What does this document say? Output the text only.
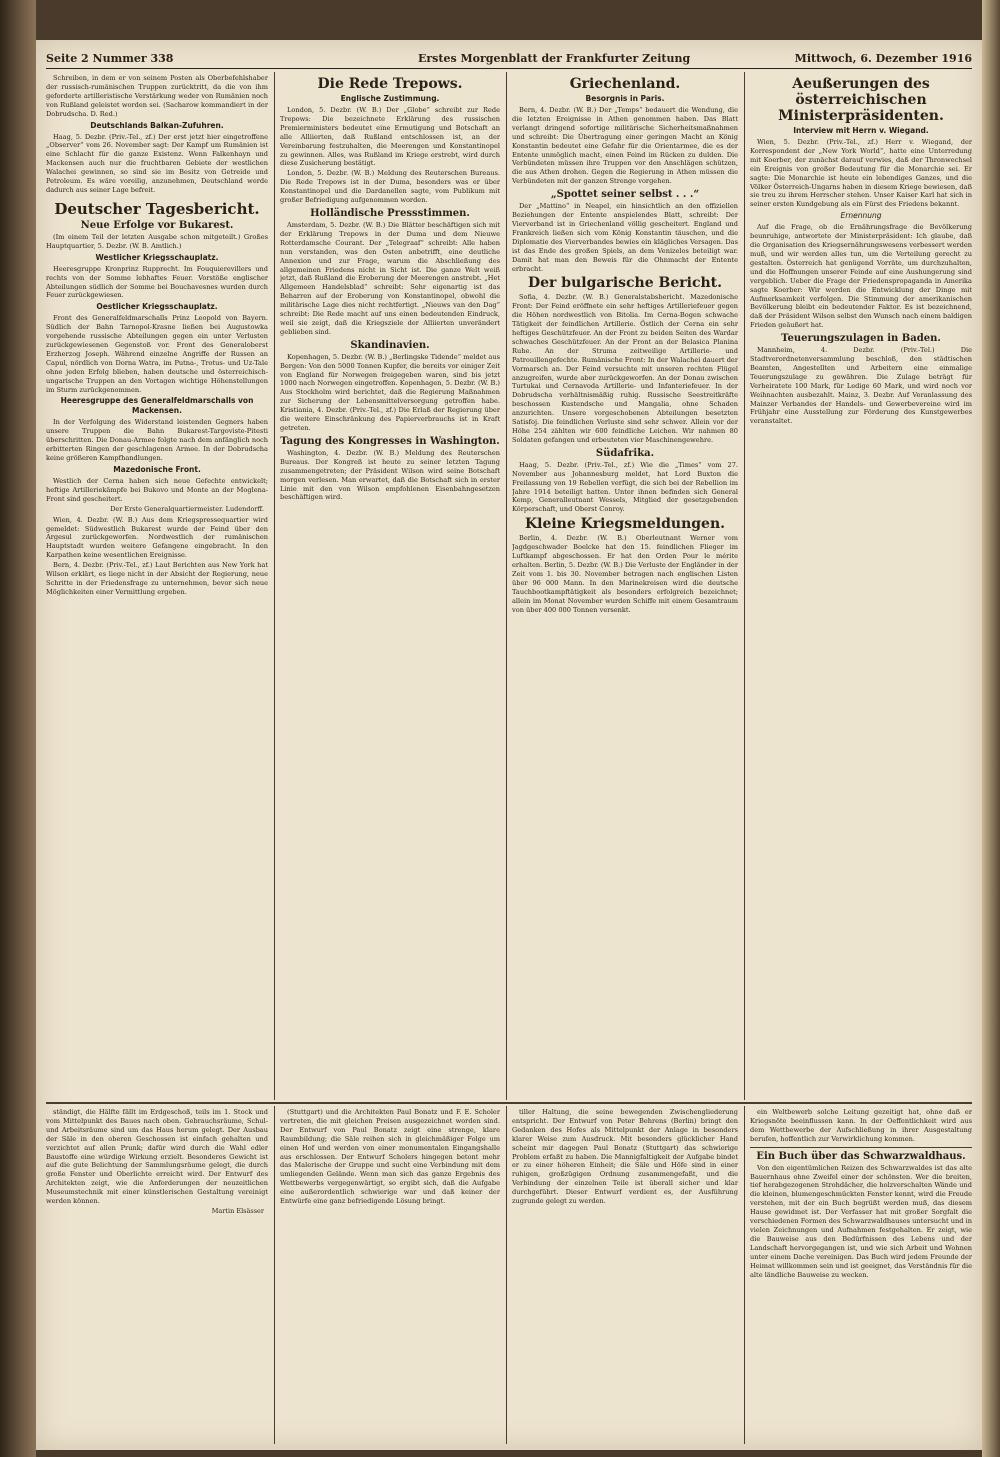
Seite 2 Nummer 338	Erstes Morgenblatt der Frankfurter Zeitung	Mittwoch, 6. Dezember 1916

Schreiben, in dem er von seinem Posten als Oberbefehlshaber der russisch-rumänischen Truppen zurücktritt, da die von ihm geforderte artilleristische Verstärkung weder von Rumänien noch von Rußland geleistet worden sei. (Sacharow kommandiert in der Dobrudscha. D. Red.)

Deutschlands Balkan-Zufuhren.

Haag, 5. Dezbr. (Priv.-Tel., zf.) Der erst jetzt hier eingetroffene „Observer“ vom 26. November sagt: Der Kampf um Rumänien ist eine Schlacht für die ganze Existenz. Wenn Falkenhayn und Mackensen auch nur die fruchtbaren Gebiete der westlichen Walachei gewinnen, so sind sie im Besitz von Getreide und Petroleum. Es wäre voreilig, anzunehmen, Deutschland werde dadurch aus seiner Lage befreit.

Deutscher Tagesbericht.
Neue Erfolge vor Bukarest.

(Im einem Teil der letzten Ausgabe schon mitgeteilt.) Großes Hauptquartier, 5. Dezbr. (W. B. Amtlich.)

Westlicher Kriegsschauplatz.

Heeresgruppe Kronprinz Rupprecht. Im Fouquierevillers und rechts von der Somme lebhaftes Feuer. Vorstöße englischer Abteilungen südlich der Somme bei Bouchavesnes wurden durch Feuer zurückgewiesen.

Oestlicher Kriegsschauplatz.

Front des Generalfeldmarschalls Prinz Leopold von Bayern. Südlich der Bahn Tarnopol-Krasne ließen bei Augustowka vorgehende russische Abteilungen gegen ein unter Verlusten zurückgewiesenen Gegenstoß vor. Front des Generaloberst Erzherzog Joseph. Während einzelne Angriffe der Russen an Capul, nördlich von Dorna Watra, im Putna-, Trotus- und Uz-Tale ohne jeden Erfolg blieben, haben deutsche und österreichisch-ungarische Truppen an den Vortagen wichtige Höhenstellungen im Sturm zurückgenommen.

Heeresgruppe des Generalfeldmarschalls von Mackensen.

In der Verfolgung des Widerstand leistenden Gegners haben unsere Truppen die Bahn Bukarest-Targoviste-Pitesti überschritten. Die Donau-Armee folgte nach dem anfänglich noch erbitterten Ringen der geschlagenen Armee. In der Dobrudscha keine größeren Kampfhandlungen.

Mazedonische Front.

Westlich der Cerna haben sich neue Gefechte entwickelt; heftige Artilleriekämpfe bei Bukovo und Monte an der Moglena-Front sind gescheitert.

Der Erste Generalquartiermeister. Ludendorff.

Wien, 4. Dezbr. (W. B.) Aus dem Kriegspressequartier wird gemeldet: Südwestlich Bukarest wurde der Feind über den Argesul zurückgeworfen. Nordwestlich der rumänischen Hauptstadt wurden weitere Gefangene eingebracht. In den Karpathen keine wesentlichen Ereignisse.

Bern, 4. Dezbr. (Priv.-Tel., zf.) Laut Berichten aus New York hat Wilson erklärt, es liege nicht in der Absicht der Regierung, neue Schritte in der Friedensfrage zu unternehmen, bevor sich neue Möglichkeiten einer Vermittlung ergeben.

Die Rede Trepows.
Englische Zustimmung.

London, 5. Dezbr. (W. B.) Der „Globe“ schreibt zur Rede Trepows: Die bezeichnete Erklärung des russischen Premierministers bedeutet eine Ermutigung und Botschaft an alle Alliierten, daß Rußland entschlossen ist, an der Vereinbarung festzuhalten, die Meerengen und Konstantinopel zu gewinnen. Alles, was Rußland im Kriege erstrebt, wird durch diese Zusicherung bestätigt.

London, 5. Dezbr. (W. B.) Meldung des Reuterschen Bureaus. Die Rede Trepows ist in der Duma, besonders was er über Konstantinopel und die Dardanellen sagte, vom Publikum mit großer Befriedigung aufgenommen worden.

Holländische Pressstimmen.

Amsterdam, 5. Dezbr. (W. B.) Die Blätter beschäftigen sich mit der Erklärung Trepows in der Duma und dem Nieuwe Rotterdamsche Courant. Der „Telegraaf“ schreibt: Alle haben nun verstanden, was den Osten anbetrifft, eine deutliche Annexion und zur Frage, warum die Abschließung des allgemeinen Friedens nicht in Sicht ist. Die ganze Welt weiß jetzt, daß Rußland die Eroberung der Meerengen anstrebt. „Het Allgemeen Handelsblad“ schreibt: Sehr eigenartig ist das Beharren auf der Eroberung von Konstantinopel, obwohl die militärische Lage dies nicht rechtfertigt. „Nieuws van den Dag“ schreibt: Die Rede macht auf uns einen bedeutenden Eindruck, weil sie zeigt, daß die Kriegsziele der Alliierten unverändert geblieben sind.

Skandinavien.

Kopenhagen, 5. Dezbr. (W. B.) „Berlingske Tidende“ meldet aus Bergen: Von den 5000 Tonnen Kupfer, die bereits vor einiger Zeit von England für Norwegen freigegeben waren, sind bis jetzt 1000 nach Norwegen eingetroffen. Kopenhagen, 5. Dezbr. (W. B.) Aus Stockholm wird berichtet, daß die Regierung Maßnahmen zur Sicherung der Lebensmittelversorgung getroffen habe. Kristiania, 4. Dezbr. (Priv.-Tel., zf.) Die Erlaß der Regierung über die weitere Einschränkung des Papierverbrauchs ist in Kraft getreten.

Tagung des Kongresses in Washington.

Washington, 4. Dezbr. (W. B.) Meldung des Reuterschen Bureaus. Der Kongreß ist heute zu seiner letzten Tagung zusammengetreten; der Präsident Wilson wird seine Botschaft morgen verlesen. Man erwartet, daß die Botschaft sich in erster Linie mit den von Wilson empfohlenen Eisenbahngesetzen beschäftigen wird.

Griechenland.
Besorgnis in Paris.

Bern, 4. Dezbr. (W. B.) Der „Temps“ bedauert die Wendung, die die letzten Ereignisse in Athen genommen haben. Das Blatt verlangt dringend sofortige militärische Sicherheitsmaßnahmen und schreibt: Die Übertragung einer geringen Macht an König Konstantin bedeutet eine Gefahr für die Orientarmee, die es der Entente unmöglich macht, einen Feind im Rücken zu dulden. Die Verbündeten müssen ihre Truppen vor den Anschlägen schützen, die aus Athen drohen. Gegen die Regierung in Athen müssen die Verbündeten mit der ganzen Strenge vorgehen.

„Spottet seiner selbst . . .“

Der „Mattino“ in Neapel, ein hinsichtlich an den offiziellen Beziehungen der Entente anspielendes Blatt, schreibt: Der Vierverband ist in Griechenland völlig gescheitert. England und Frankreich ließen sich vom König Konstantin täuschen, und die Diplomatie des Vierverbandes bewies ein klägliches Versagen. Das ist das Ende des großen Spiels, an dem Venizelos beteiligt war. Damit hat man den Beweis für die Ohnmacht der Entente erbracht.

Der bulgarische Bericht.

Sofia, 4. Dezbr. (W. B.) Generalstabsbericht. Mazedonische Front: Der Feind eröffnete ein sehr heftiges Artilleriefeuer gegen die Höhen nordwestlich von Bitolia. Im Cerna-Bogen schwache Tätigkeit der feindlichen Artillerie. Östlich der Cerna ein sehr heftiges Geschützfeuer. An der Front zu beiden Seiten des Wardar schwaches Geschützfeuer. An der Front an der Belasica Planina Ruhe. An der Struma zeitweilige Artillerie- und Patrouillengefechte. Rumänische Front: In der Walachei dauert der Vormarsch an. Der Feind versuchte mit unseren rechten Flügel anzugreifen, wurde aber zurückgeworfen. An der Donau zwischen Turtukai und Cernavoda Artillerie- und Infanteriefeuer. In der Dobrudscha verhältnismäßig ruhig. Russische Seestreitkräfte beschossen Kustendsche und Mangalia, ohne Schaden anzurichten. Unsere vorgeschobenen Abteilungen besetzten Satisfoj. Die feindlichen Verluste sind sehr schwer. Allein vor der Höhe 254 zählten wir 600 feindliche Leichen. Wir nahmen 80 Soldaten gefangen und erbeuteten vier Maschinengewehre.

Südafrika.

Haag, 5. Dezbr. (Priv.-Tel., zf.) Wie die „Times“ vom 27. November aus Johannesburg meldet, hat Lord Buxton die Freilassung von 19 Rebellen verfügt, die sich bei der Rebellion im Jahre 1914 beteiligt hatten. Unter ihnen befinden sich General Kemp, Generalleutnant Wessels, Mitglied der gesetzgebenden Körperschaft, und Oberst Conroy.

Kleine Kriegsmeldungen.

Berlin, 4. Dezbr. (W. B.) Oberleutnant Werner vom Jagdgeschwader Boelcke hat den 15. feindlichen Flieger im Luftkampf abgeschossen. Er hat den Orden Pour le mérite erhalten. Berlin, 5. Dezbr. (W. B.) Die Verluste der Engländer in der Zeit vom 1. bis 30. November betragen nach englischen Listen über 96 000 Mann. In den Marinekreisen wird die deutsche Tauchbootkampftätigkeit als besonders erfolgreich bezeichnet; allein im Monat November wurden Schiffe mit einem Gesamtraum von über 400 000 Tonnen versenkt.

Aeußerungen des österreichischen Ministerpräsidenten.
Interview mit Herrn v. Wiegand.

Wien, 5. Dezbr. (Priv.-Tel., zf.) Herr v. Wiegand, der Korrespondent der „New York World“, hatte eine Unterredung mit Koerber, der zunächst darauf verwies, daß der Thronwechsel ein Ereignis von großer Bedeutung für die Monarchie sei. Er sagte: Die Monarchie ist heute ein lebendiges Ganzes, und die Völker Österreich-Ungarns haben in diesem Kriege bewiesen, daß sie treu zu ihrem Herrscher stehen. Unser Kaiser Karl hat sich in seiner ersten Kundgebung als ein Fürst des Friedens bekannt.

Ernennung

Auf die Frage, ob die Ernährungsfrage die Bevölkerung beunruhige, antwortete der Ministerpräsident: Ich glaube, daß die Organisation des Kriegsernährungswesens verbessert werden muß, und wir werden alles tun, um die Verteilung gerecht zu gestalten. Österreich hat genügend Vorräte, um durchzuhalten, und die Hoffnungen unserer Feinde auf eine Aushungerung sind vergeblich. Ueber die Frage der Friedenspropaganda in Amerika sagte Koerber: Wir werden die Entwicklung der Dinge mit Aufmerksamkeit verfolgen. Die Stimmung der amerikanischen Bevölkerung bleibt ein bedeutender Faktor. Es ist bezeichnend, daß der Präsident Wilson selbst den Wunsch nach einem baldigen Frieden geäußert hat.

Teuerungszulagen in Baden.

Mannheim, 4. Dezbr. (Priv.-Tel.) Die Stadtverordnetenversammlung beschloß, den städtischen Beamten, Angestellten und Arbeitern eine einmalige Teuerungszulage zu gewähren. Die Zulage beträgt für Verheiratete 100 Mark, für Ledige 60 Mark, und wird noch vor Weihnachten ausbezahlt. Mainz, 3. Dezbr. Auf Veranlassung des Mainzer Verbandes der Handels- und Gewerbevereine wird im Frühjahr eine Ausstellung zur Förderung des Kunstgewerbes veranstaltet.

ständigt, die Hälfte fällt im Erdgeschoß, teils im 1. Stock und vom Mittelpunkt des Baues nach oben. Gebrauchsräume, Schul- und Arbeitsräume sind um das Haus herum gelegt. Der Ausbau der Säle in den oberen Geschossen ist einfach gehalten und verzichtet auf allen Prunk; dafür wird durch die Wahl edler Baustoffe eine würdige Wirkung erzielt. Besonderes Gewicht ist auf die gute Belichtung der Sammlungsräume gelegt, die durch große Fenster und Oberlichte erreicht wird. Der Entwurf des Architekten zeigt, wie die Anforderungen der neuzeitlichen Museumstechnik mit einer künstlerischen Gestaltung vereinigt werden können.

Martin Elsässer

(Stuttgart) und die Architekten Paul Bonatz und F. E. Scholer vertreten, die mit gleichen Preisen ausgezeichnet worden sind. Der Entwurf von Paul Bonatz zeigt eine strenge, klare Raumbildung; die Säle reihen sich in gleichmäßiger Folge um einen Hof und werden von einer monumentalen Eingangshalle aus erschlossen. Der Entwurf Scholers hingegen betont mehr das Malerische der Gruppe und sucht eine Verbindung mit dem umliegenden Gelände. Wenn man sich das ganze Ergebnis des Wettbewerbs vergegenwärtigt, so ergibt sich, daß die Aufgabe eine außerordentlich schwierige war und daß keiner der Entwürfe eine ganz befriedigende Lösung bringt.

tiller Haltung, die seine bewegenden Zwischengliederung entspricht. Der Entwurf von Peter Behrens (Berlin) bringt den Gedanken des Hofes als Mittelpunkt der Anlage in besonders klarer Weise zum Ausdruck. Mit besonders glücklicher Hand scheint mir dagegen Paul Bonatz (Stuttgart) das schwierige Problem erfaßt zu haben. Die Mannigfaltigkeit der Aufgabe bindet er zu einer höheren Einheit; die Säle und Höfe sind in einer ruhigen, großzügigen Ordnung zusammengefaßt, und die Verbindung der einzelnen Teile ist überall sicher und klar durchgeführt. Dieser Entwurf verdient es, der Ausführung zugrunde gelegt zu werden.

ein Weltbewerb solche Leitung gezeitigt hat, ohne daß er Kriegsnöte beeinflussen kann. In der Oeffentlichkeit wird aus dem Wettbewerbe der Aufschließung in ihrer Ausgestaltung berufen, hoffentlich zur Verwirklichung kommen.

Ein Buch über das Schwarzwaldhaus.

Von den eigentümlichen Reizen des Schwarzwaldes ist das alte Bauernhaus ohne Zweifel einer der schönsten. Wer die breiten, tief herabgezogenen Strohdächer, die holzverschalten Wände und die kleinen, blumengeschmückten Fenster kennt, wird die Freude verstehen, mit der ein Buch begrüßt werden muß, das diesem Hause gewidmet ist. Der Verfasser hat mit großer Sorgfalt die verschiedenen Formen des Schwarzwaldhauses untersucht und in vielen Zeichnungen und Aufnahmen festgehalten. Er zeigt, wie die Bauweise aus den Bedürfnissen des Lebens und der Landschaft hervorgegangen ist, und wie sich Arbeit und Wohnen unter einem Dache vereinigen. Das Buch wird jedem Freunde der Heimat willkommen sein und ist geeignet, das Verständnis für die alte ländliche Bauweise zu wecken.
